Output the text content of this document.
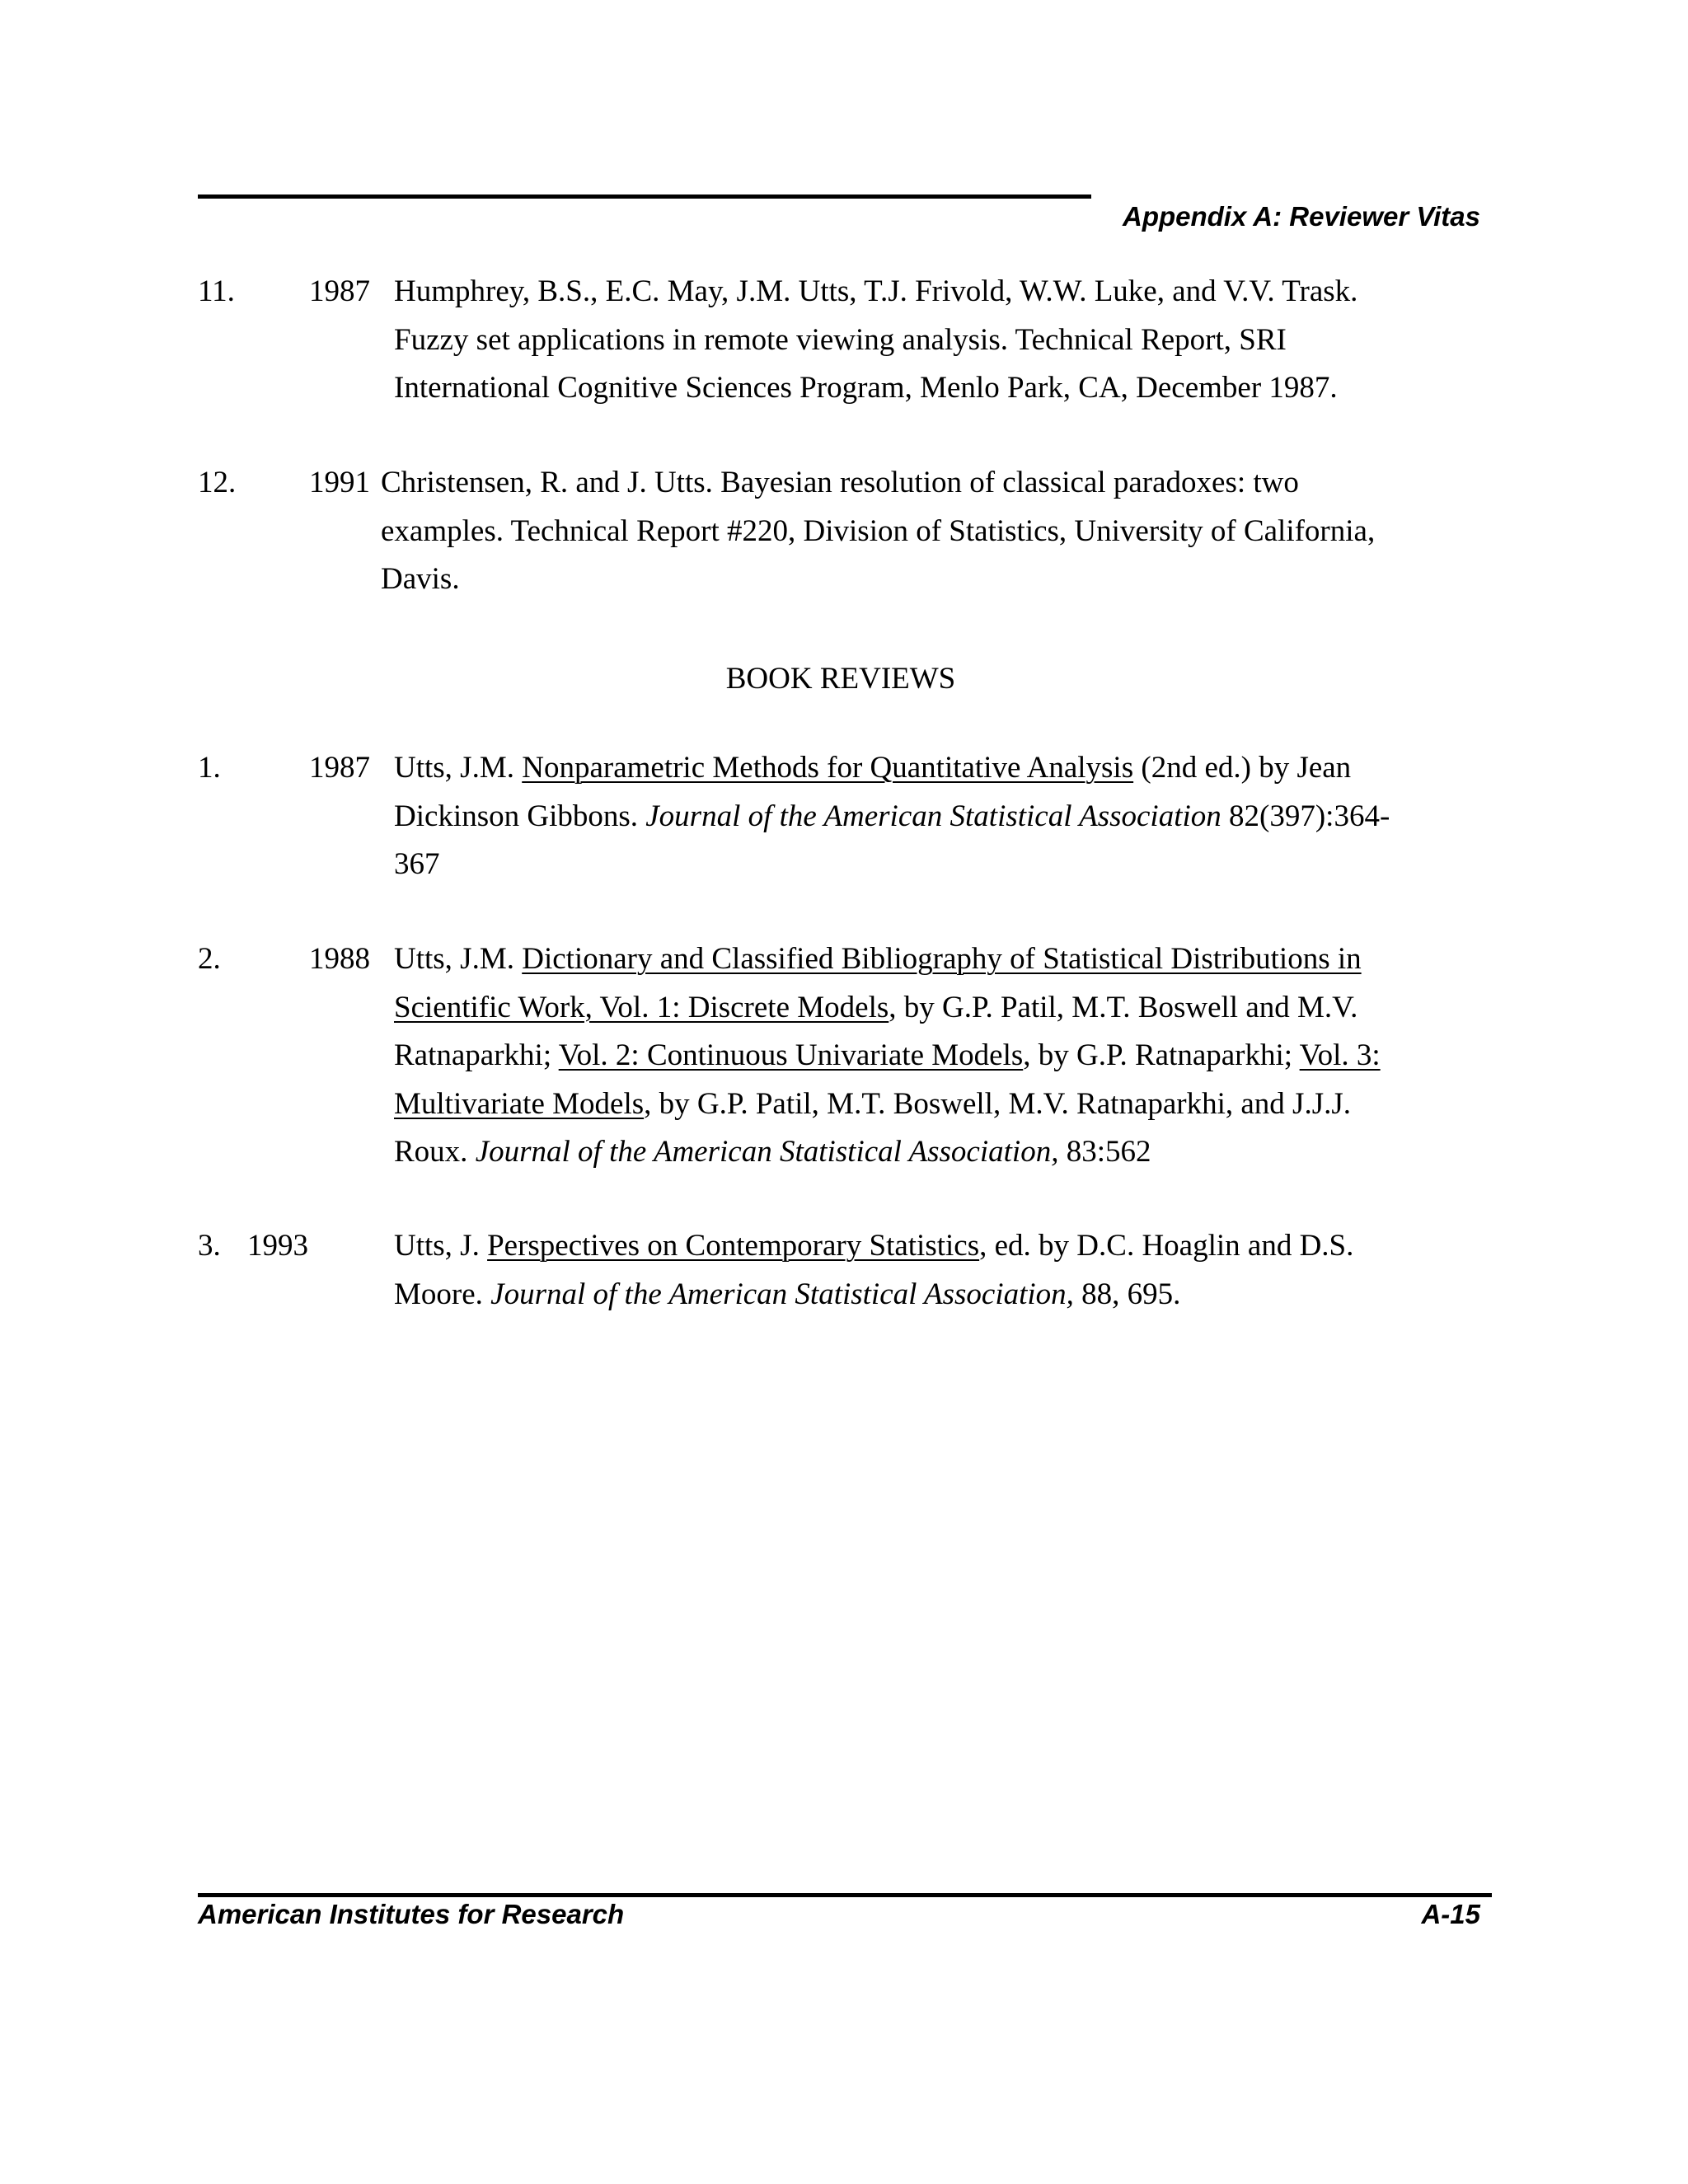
Appendix A: Reviewer Vitas
11. 1987 Humphrey, B.S., E.C. May, J.M. Utts, T.J. Frivold, W.W. Luke, and V.V. Trask.
Fuzzy set applications in remote viewing analysis. Technical Report, SRI
International Cognitive Sciences Program, Menlo Park, CA, December 1987.
12. 1991 Christensen, R. and J. Utts. Bayesian resolution of classical paradoxes: two
examples. Technical Report #220, Division of Statistics, University of California,
Davis.
1.	1987 Utts, J.M. Nonparametric Methods for Quantitative Analysis (2nd ed.) by Jean
Dickinson Gibbons. Journal of the American Statistical Association 82(397):364-
367
2.	1988 Utts, J.M. Dictionary and Classified Bibliography of Statistical Distributions in
Scientific Work, Vol. 1: Discrete Models, by G.P. Patil, M.T. Boswell and M.V.
Ratnaparkhi; Vol. 2: Continuous Univariate Models, by G.P. Ratnaparkhi; Vol. 3:
Multivariate Models, by G.P. Patil, M.T. Boswell, M.V. Ratnaparkhi, and J.J.J.
Roux. Journal of the American Statistical Association, 83:562
3. 1993	Utts, J. Perspectives on Contemporary Statistics, ed. by D.C. Hoaglin and D.S.
Moore. Journal of the American Statistical Association, 88, 695.
BOOK REVIEWS
American Institutes for Research	A-15
